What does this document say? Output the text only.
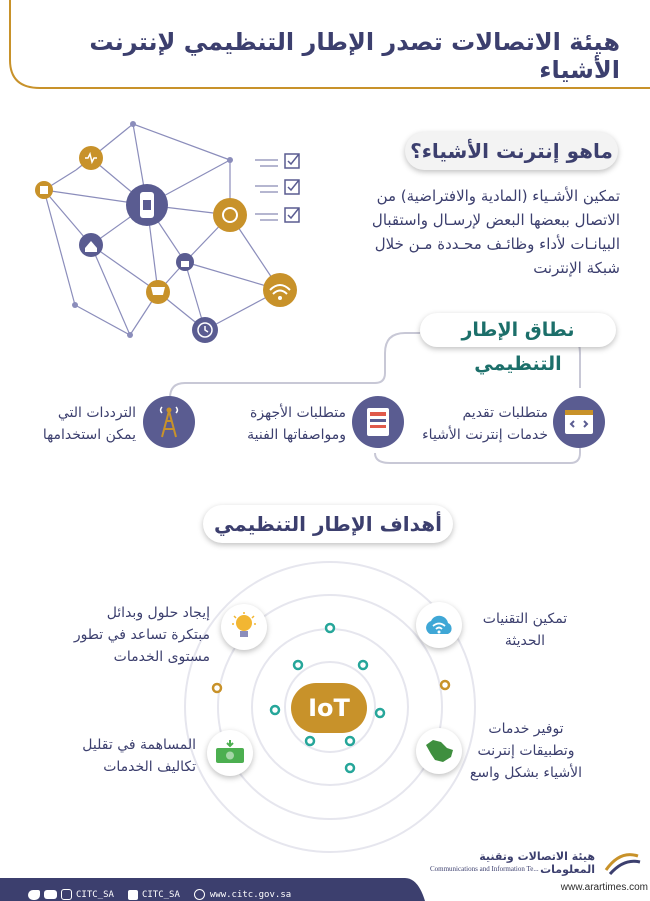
هيئة الاتصالات تصدر الإطار التنظيمي لإنترنت الأشياء
ماهو إنترنت الأشياء؟
تمكين الأشـياء (المادية والافتراضية) من
الاتصال ببعضها البعض لإرسـال واستقبال
البيانـات لأداء وظائـف محـددة مـن خلال
شبكة الإنترنت
نطاق الإطار التنظيمي
متطلبات تقديم
خدمات إنترنت الأشياء
متطلبات الأجهزة
ومواصفاتها الفنية
الترددات التي
يمكن استخدامها
أهداف الإطار التنظيمي
IoT
تمكين التقنيات
الحديثة
إيجاد حلول وبدائل
مبتكرة تساعد في تطور
مستوى الخدمات
توفير خدمات
وتطبيقات إنترنت
الأشياء بشكل واسع
المساهمة في تقليل
تكاليف الخدمات
هيئة الاتصالات وتقنية المعلومات
Communications and Information Te...
CITC_SA	CITC_SA	www.citc.gov.sa
www.arartimes.com
